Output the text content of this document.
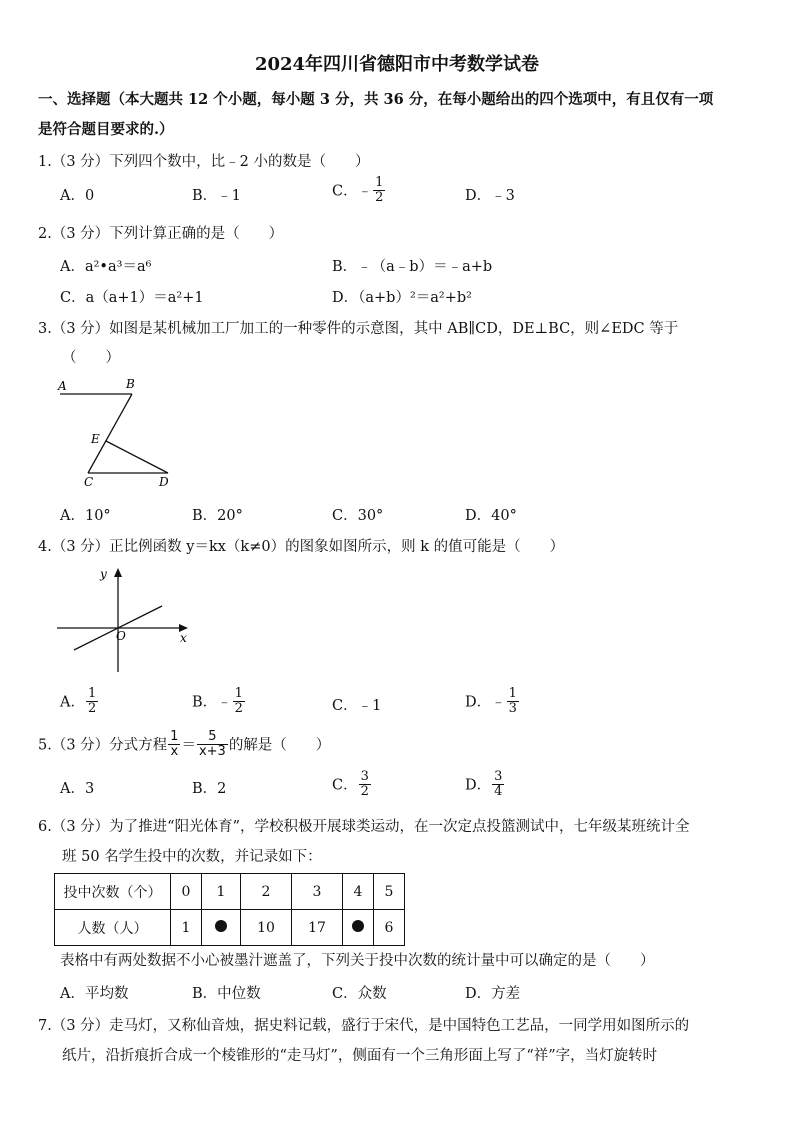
2024年四川省德阳市中考数学试卷
一、选择题（本大题共 12 个小题，每小题 3 分，共 36 分，在每小题给出的四个选项中，有且仅有一项
是符合题目要求的.）
1.（3 分）下列四个数中，比﹣2 小的数是（　　）
A．0	B．﹣1	C．﹣ $\frac{1}{2}$	D．﹣3
2.（3 分）下列计算正确的是（　　）
A．a²•a³＝a⁶	B．﹣（a﹣b）＝﹣a+b
C．a（a+1）＝a²+1	D．（a+b）²＝a²+b²
3.（3 分）如图是某机械加工厂加工的一种零件的示意图，其中 AB∥CD，DE⊥BC，则∠EDC 等于
（　　）
A	B
E
C	D
A．10°	B．20°	C．30°	D．40°
4.（3 分）正比例函数 y＝kx（k≠0）的图象如图所示，则 k 的值可能是（　　）
y
x
O
A． $\frac{1}{2}$	B．﹣ $\frac{1}{2}$	C．﹣1	D．﹣ $\frac{1}{3}$
5.（3 分）分式方程 $\frac{1}{x} = \frac{5}{x+3}$ 的解是（　　）
A．3	B．2	C． $\frac{3}{2}$	D． $\frac{3}{4}$
6.（3 分）为了推进“阳光体育”，学校积极开展球类运动，在一次定点投篮测试中，七年级某班统计全
班 50 名学生投中的次数，并记录如下：
投中次数（个）	0	1	2	3	4	5
人数（人）	1		10	17		6
表格中有两处数据不小心被墨汁遮盖了，下列关于投中次数的统计量中可以确定的是（　　）
A．平均数	B．中位数	C．众数	D．方差
7.（3 分）走马灯，又称仙音烛，据史料记载，盛行于宋代，是中国特色工艺品，一同学用如图所示的
纸片，沿折痕折合成一个棱锥形的“走马灯”，侧面有一个三角形面上写了“祥”字，当灯旋转时
